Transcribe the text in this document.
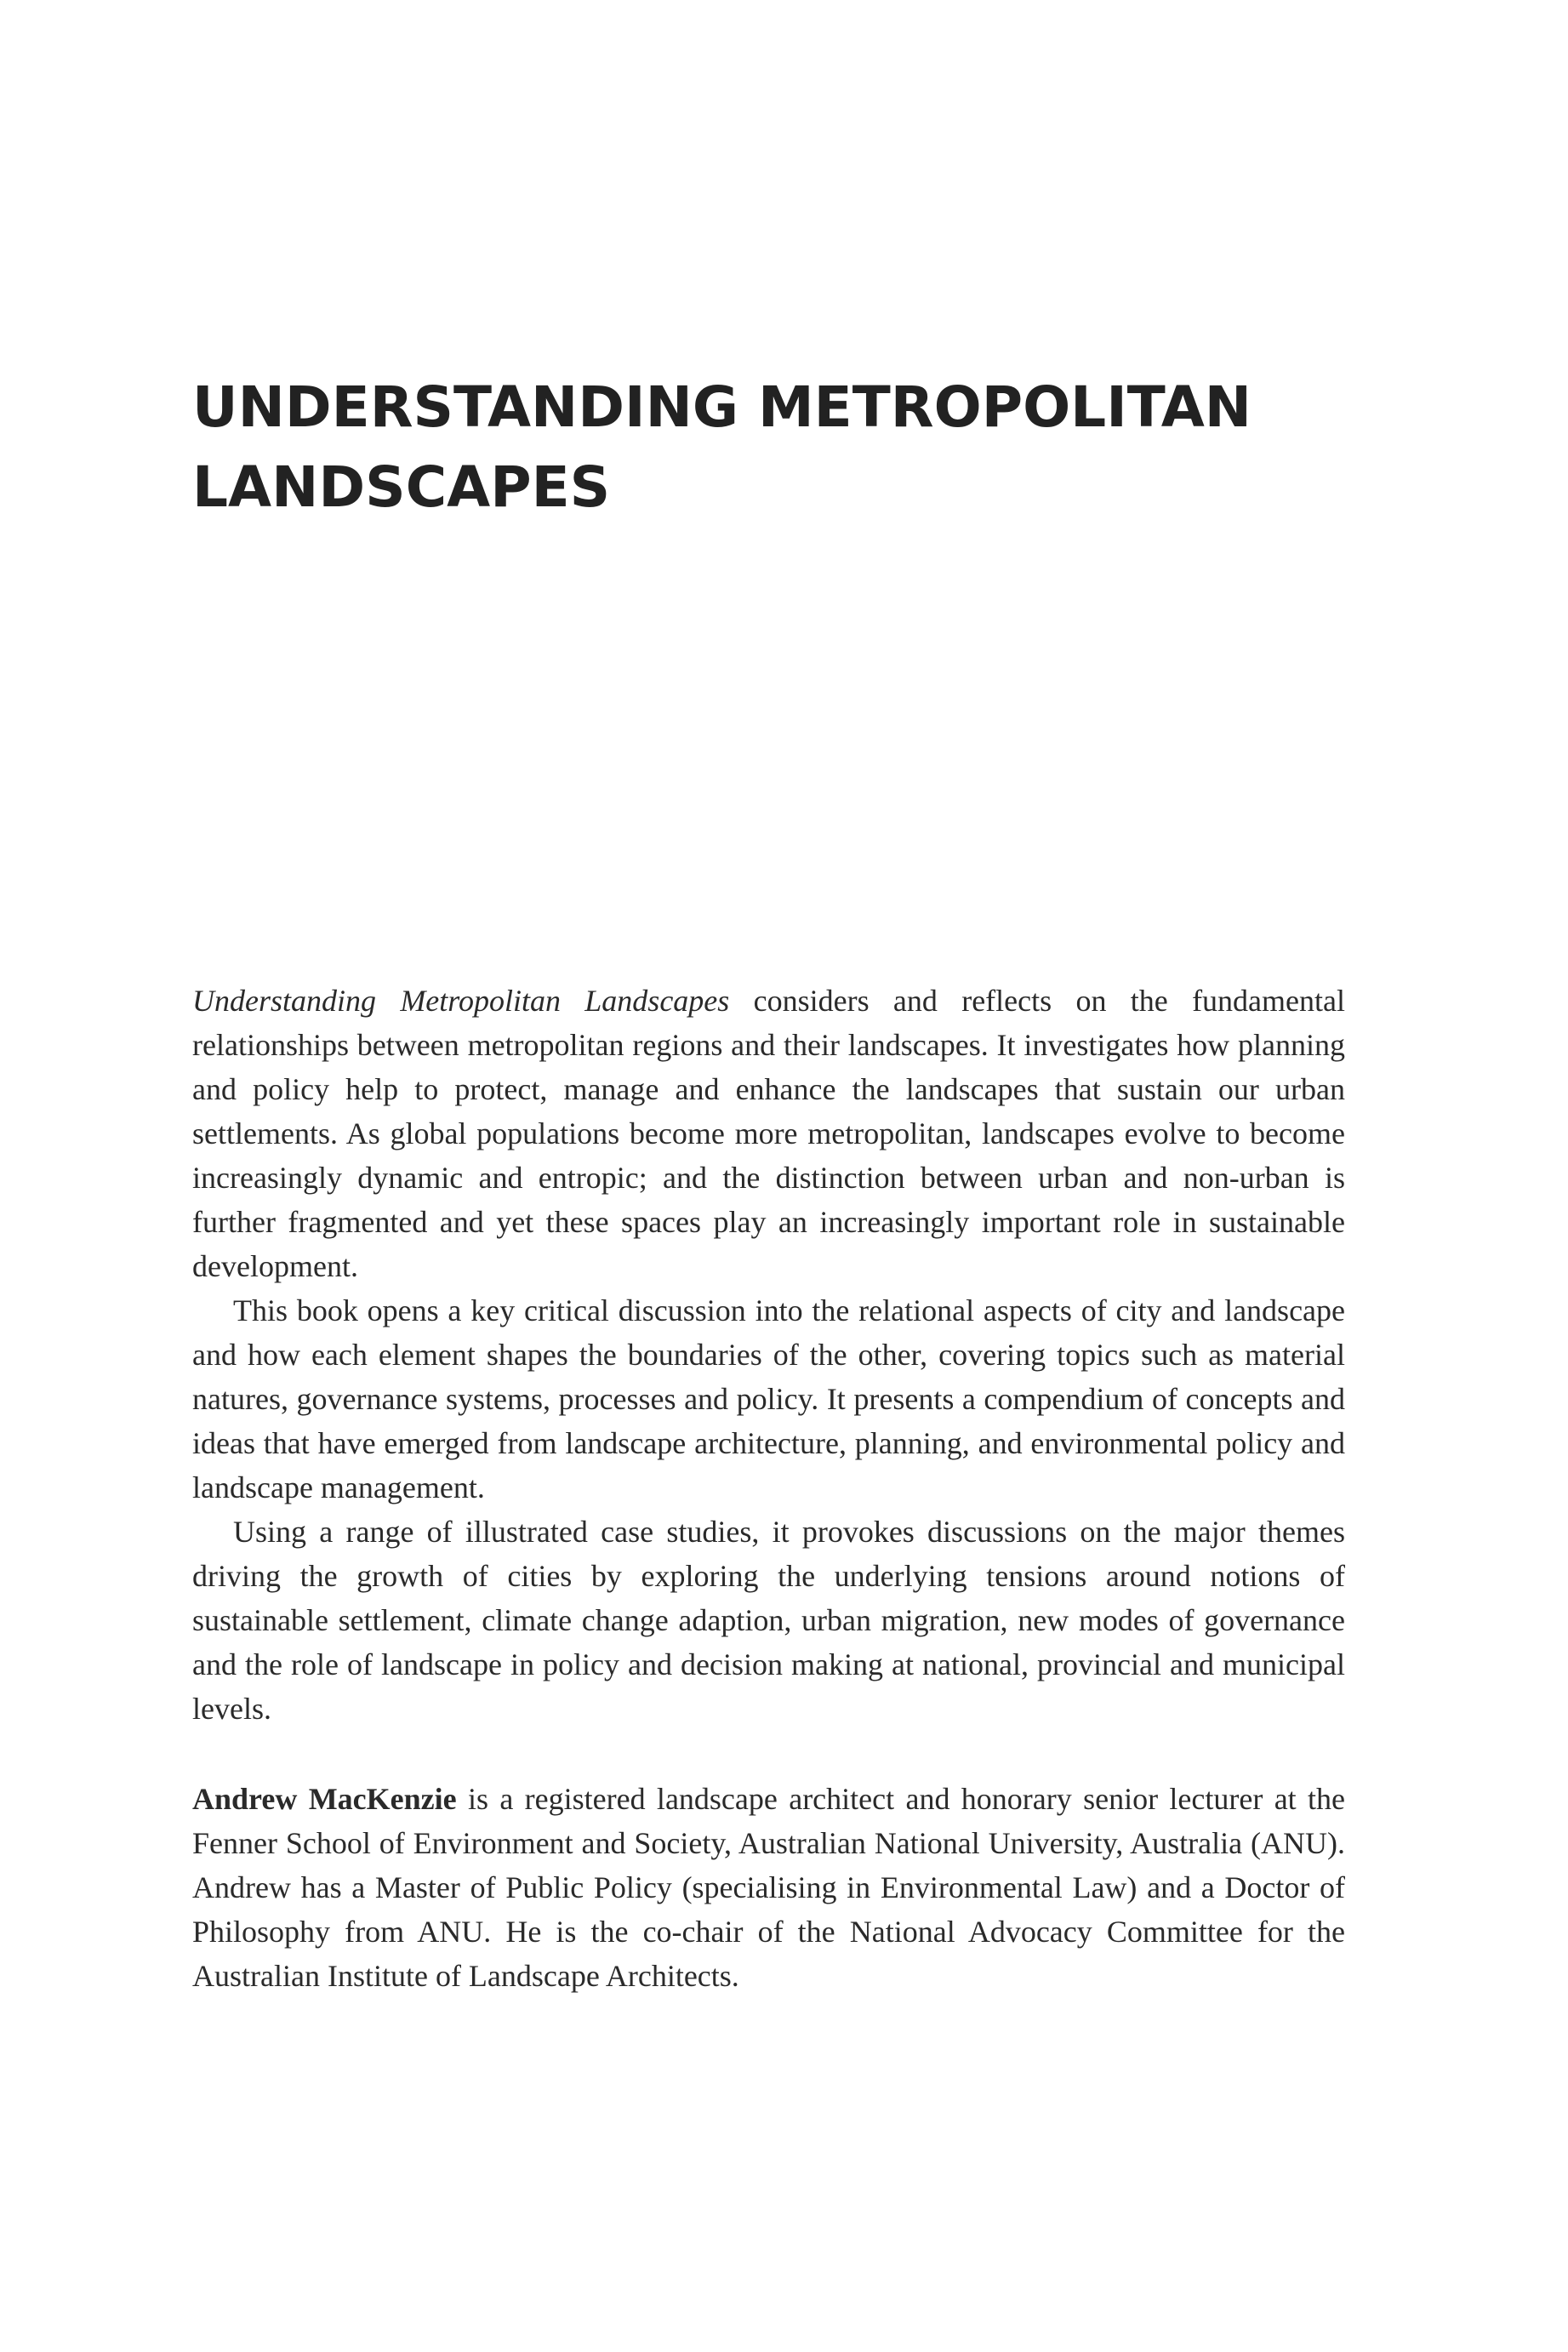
UNDERSTANDING METROPOLITAN
LANDSCAPES

Understanding Metropolitan Landscapes considers and reflects on the fundamental relationships between metropolitan regions and their landscapes. It investigates how planning and policy help to protect, manage and enhance the landscapes that sustain our urban settlements. As global populations become more metropolitan, landscapes evolve to become increasingly dynamic and entropic; and the distinction between urban and non-urban is further fragmented and yet these spaces play an increasingly important role in sustainable development.

This book opens a key critical discussion into the relational aspects of city and landscape and how each element shapes the boundaries of the other, covering topics such as material natures, governance systems, processes and policy. It presents a compendium of concepts and ideas that have emerged from landscape architecture, planning, and environmental policy and landscape management.

Using a range of illustrated case studies, it provokes discussions on the major themes driving the growth of cities by exploring the underlying tensions around notions of sustainable settlement, climate change adaption, urban migration, new modes of governance and the role of landscape in policy and decision making at national, provincial and municipal levels.

Andrew MacKenzie is a registered landscape architect and honorary senior lecturer at the Fenner School of Environment and Society, Australian National University, Australia (ANU). Andrew has a Master of Public Policy (specialising in Environmental Law) and a Doctor of Philosophy from ANU. He is the co-chair of the National Advocacy Committee for the Australian Institute of Landscape Architects.
